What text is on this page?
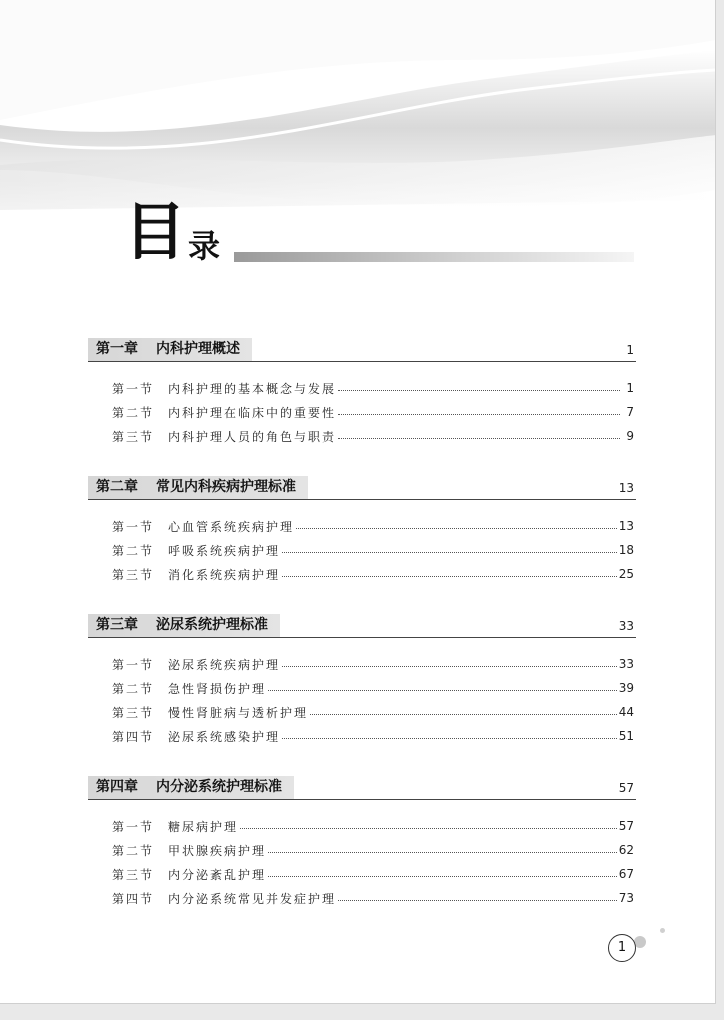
目 录
第一章 内科护理概述	1
第一节	内科护理的基本概念与发展	1
第二节	内科护理在临床中的重要性	7
第三节	内科护理人员的角色与职责	9
第二章 常见内科疾病护理标准	13
第一节	心血管系统疾病护理	13
第二节	呼吸系统疾病护理	18
第三节	消化系统疾病护理	25
第三章 泌尿系统护理标准	33
第一节	泌尿系统疾病护理	33
第二节	急性肾损伤护理	39
第三节	慢性肾脏病与透析护理	44
第四节	泌尿系统感染护理	51
第四章 内分泌系统护理标准	57
第一节	糖尿病护理	57
第二节	甲状腺疾病护理	62
第三节	内分泌紊乱护理	67
第四节	内分泌系统常见并发症护理	73
1
